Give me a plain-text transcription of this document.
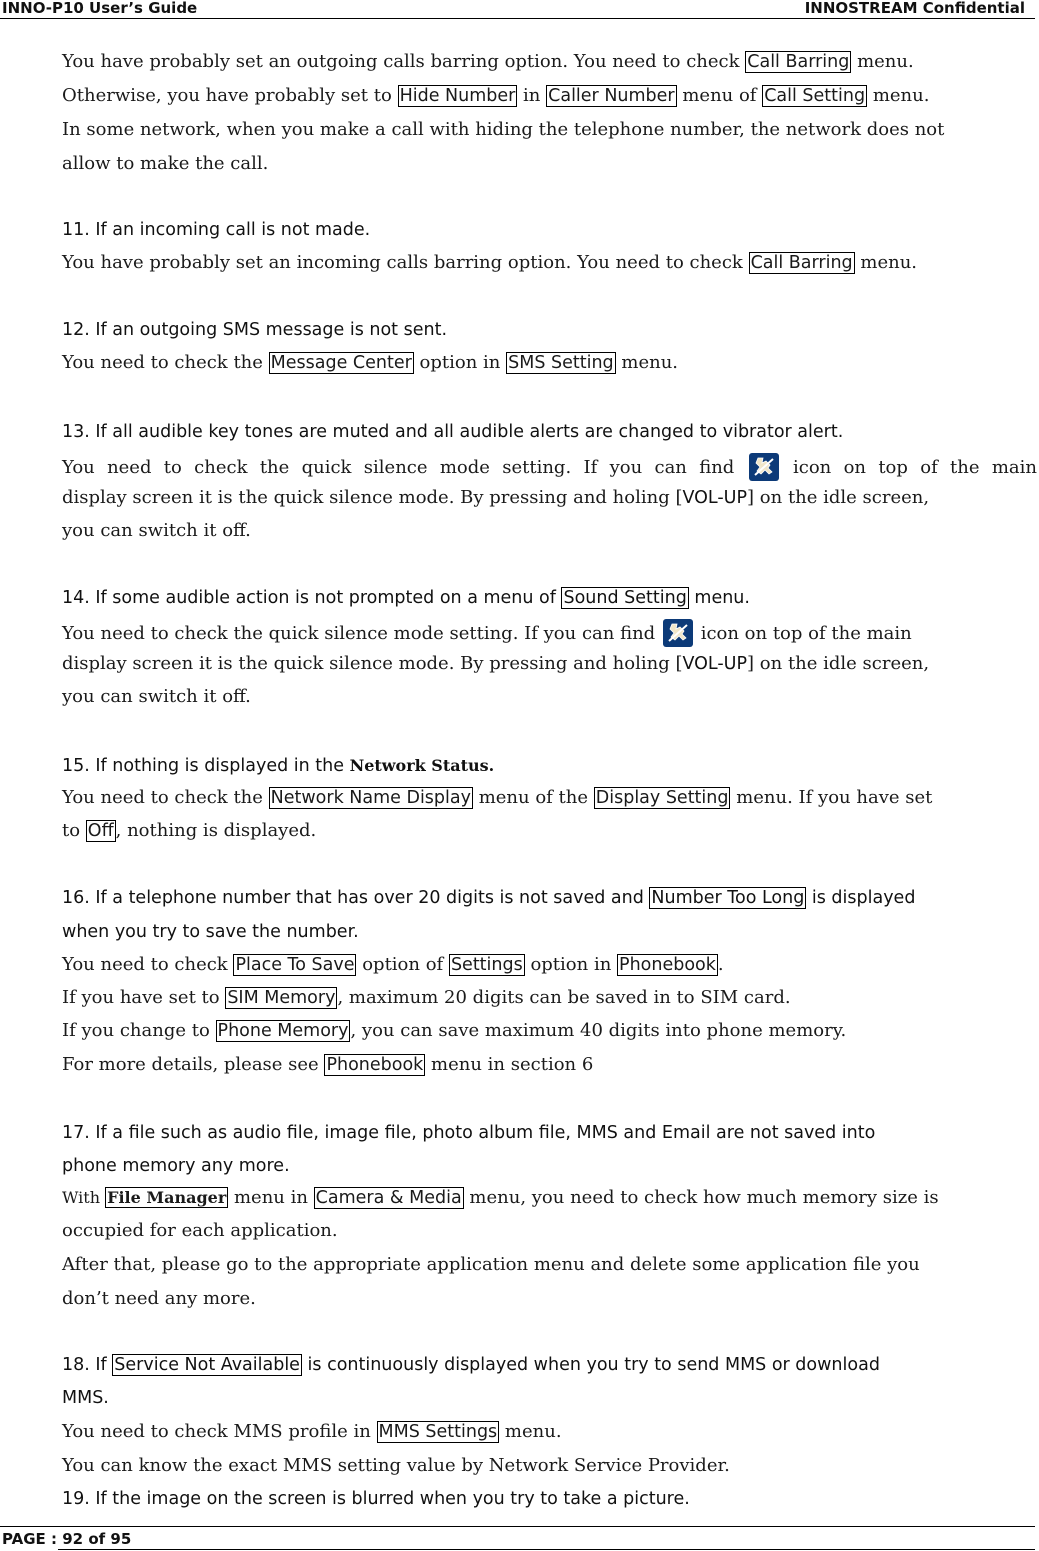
INNO-P10 User’s Guide	INNOSTREAM Confidential
You have probably set an outgoing calls barring option. You need to check Call Barring menu.
Otherwise, you have probably set to Hide Number in Caller Number menu of Call Setting menu.
In some network, when you make a call with hiding the telephone number, the network does not
allow to make the call.
11. If an incoming call is not made.
You have probably set an incoming calls barring option. You need to check Call Barring menu.
12. If an outgoing SMS message is not sent.
You need to check the Message Center option in SMS Setting menu.
13. If all audible key tones are muted and all audible alerts are changed to vibrator alert.
You need to check the quick silence mode setting. If you can find	icon on top of the main
display screen it is the quick silence mode. By pressing and holing [VOL-UP] on the idle screen,
you can switch it off.
14. If some audible action is not prompted on a menu of Sound Setting menu.
You need to check the quick silence mode setting. If you can find	icon on top of the main
display screen it is the quick silence mode. By pressing and holing [VOL-UP] on the idle screen,
you can switch it off.
15. If nothing is displayed in the Network Status.
You need to check the Network Name Display menu of the Display Setting menu. If you have set
to Off , nothing is displayed.
16. If a telephone number that has over 20 digits is not saved and Number Too Long is displayed
when you try to save the number.
You need to check Place To Save option of Settings option in Phonebook .
If you have set to SIM Memory , maximum 20 digits can be saved in to SIM card.
If you change to Phone Memory , you can save maximum 40 digits into phone memory.
For more details, please see Phonebook menu in section 6
17. If a file such as audio file, image file, photo album file, MMS and Email are not saved into
phone memory any more.
With File Manager menu in Camera & Media menu, you need to check how much memory size is
occupied for each application.
After that, please go to the appropriate application menu and delete some application file you
don’t need any more.
18. If Service Not Available is continuously displayed when you try to send MMS or download
MMS.
You need to check MMS profile in MMS Settings menu.
You can know the exact MMS setting value by Network Service Provider.
19. If the image on the screen is blurred when you try to take a picture.
PAGE : 92 of 95
